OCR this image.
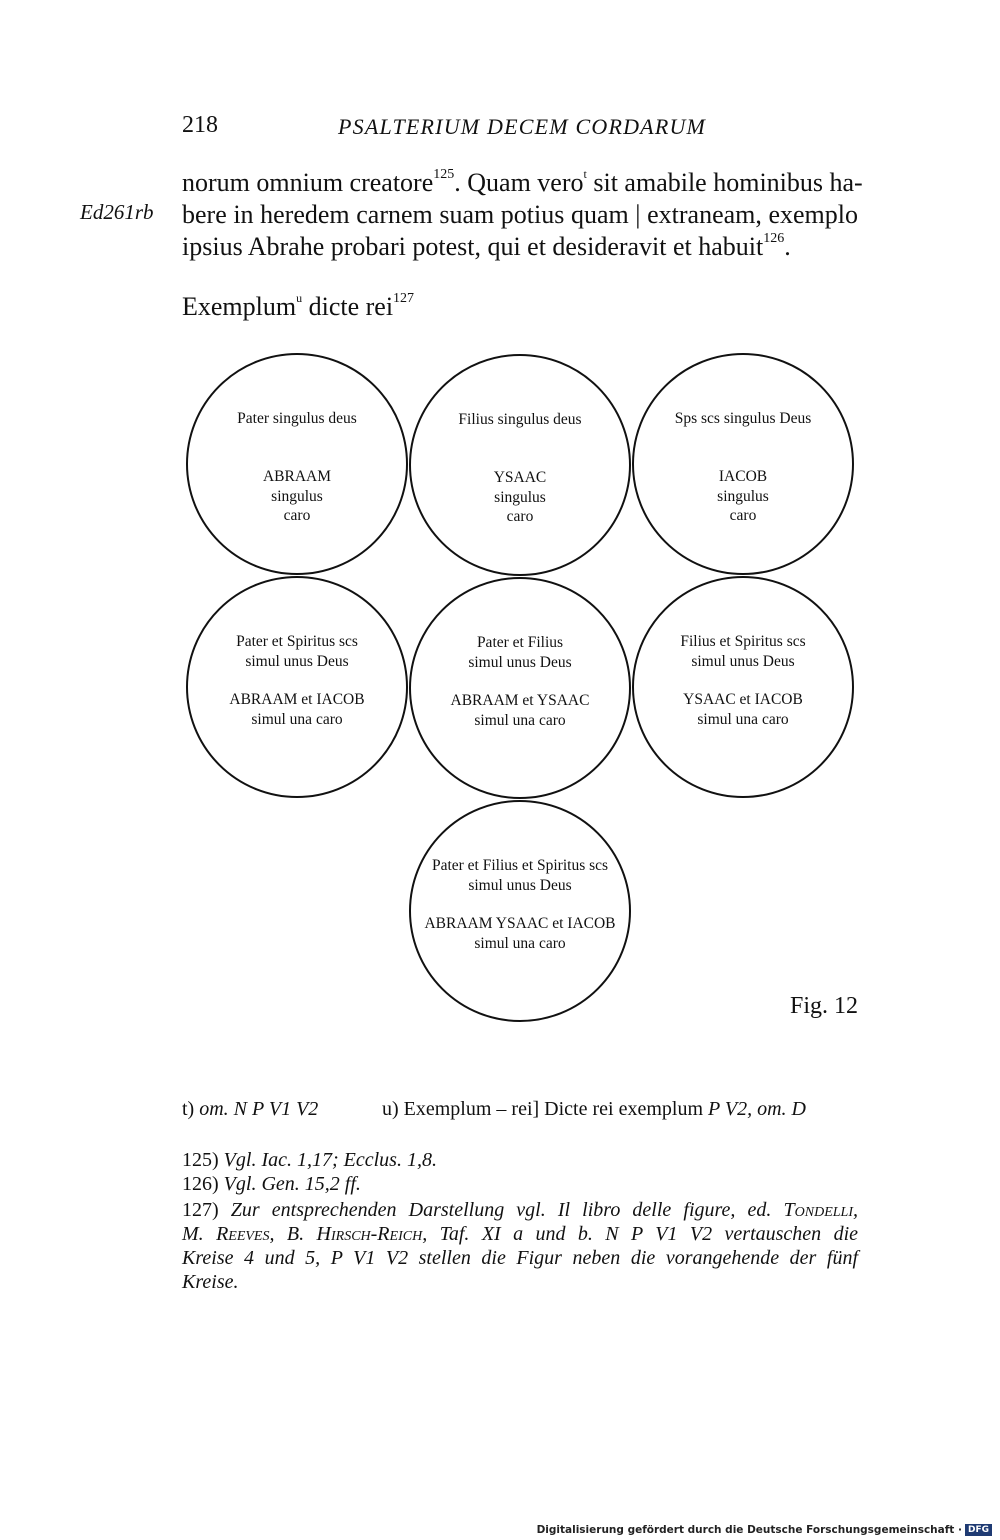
218	PSALTERIUM DECEM CORDARUM
norum omnium creatore$^{125}$. Quam vero$^t$ sit amabile hominibus ha-
Ed261rb bere in heredem carnem suam potius quam | extraneam, exemplo
ipsius Abrahe probari potest, qui et desideravit et habuit$^{126}$.
Exemplum$^u$ dicte rei$^{127}$
Pater singulus deus
ABRAAM
singulus
caro
Filius singulus deus
YSAAC
singulus
caro
Sps scs singulus Deus
IACOB
singulus
caro
Pater et Spiritus scs
simul unus Deus
ABRAAM et IACOB
simul una caro
Pater et Filius
simul unus Deus
ABRAAM et YSAAC
simul una caro
Filius et Spiritus scs
simul unus Deus
YSAAC et IACOB
simul una caro
Pater et Filius et Spiritus scs
simul unus Deus
ABRAAM YSAAC et IACOB
simul una caro
Fig. 12
t) om. N P V1 V2	u) Exemplum – rei] Dicte rei exemplum P V2, om. D
125) Vgl. Iac. 1,17; Ecclus. 1,8.
126) Vgl. Gen. 15,2 ff.
127) Zur entsprechenden Darstellung vgl. Il libro delle figure, ed. Tondelli,
M. Reeves, B. Hirsch-Reich, Taf. XI a und b. N P V1 V2 vertauschen die
Kreise 4 und 5, P V1 V2 stellen die Figur neben die vorangehende der fünf
Kreise.
Digitalisierung gefördert durch die Deutsche Forschungsgemeinschaft · DFG
